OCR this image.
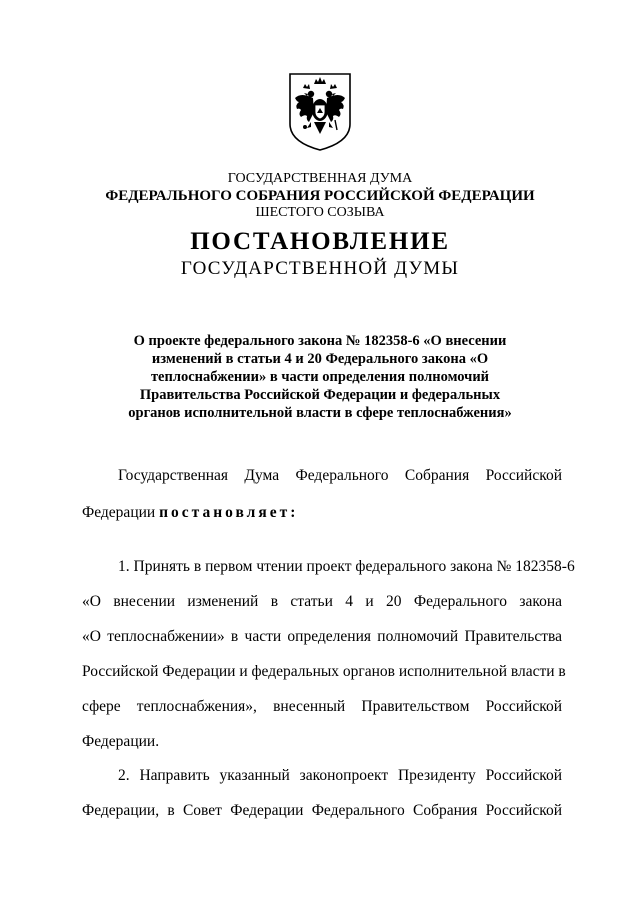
ГОСУДАРСТВЕННАЯ ДУМА
ФЕДЕРАЛЬНОГО СОБРАНИЯ РОССИЙСКОЙ ФЕДЕРАЦИИ
ШЕСТОГО СОЗЫВА
ПОСТАНОВЛЕНИЕ
ГОСУДАРСТВЕННОЙ ДУМЫ
О проекте федерального закона № 182358-6 «О внесении
изменений в статьи 4 и 20 Федерального закона «О
теплоснабжении» в части определения полномочий
Правительства Российской Федерации и федеральных
органов исполнительной власти в сфере теплоснабжения»
Государственная Дума Федерального Собрания Российской
Федерации постановляет:
1. Принять в первом чтении проект федерального закона № 182358-6
«О внесении изменений в статьи 4 и 20 Федерального закона
«О теплоснабжении» в части определения полномочий Правительства
Российской Федерации и федеральных органов исполнительной власти в
сфере теплоснабжения», внесенный Правительством Российской
Федерации.
2. Направить указанный законопроект Президенту Российской
Федерации, в Совет Федерации Федерального Собрания Российской
